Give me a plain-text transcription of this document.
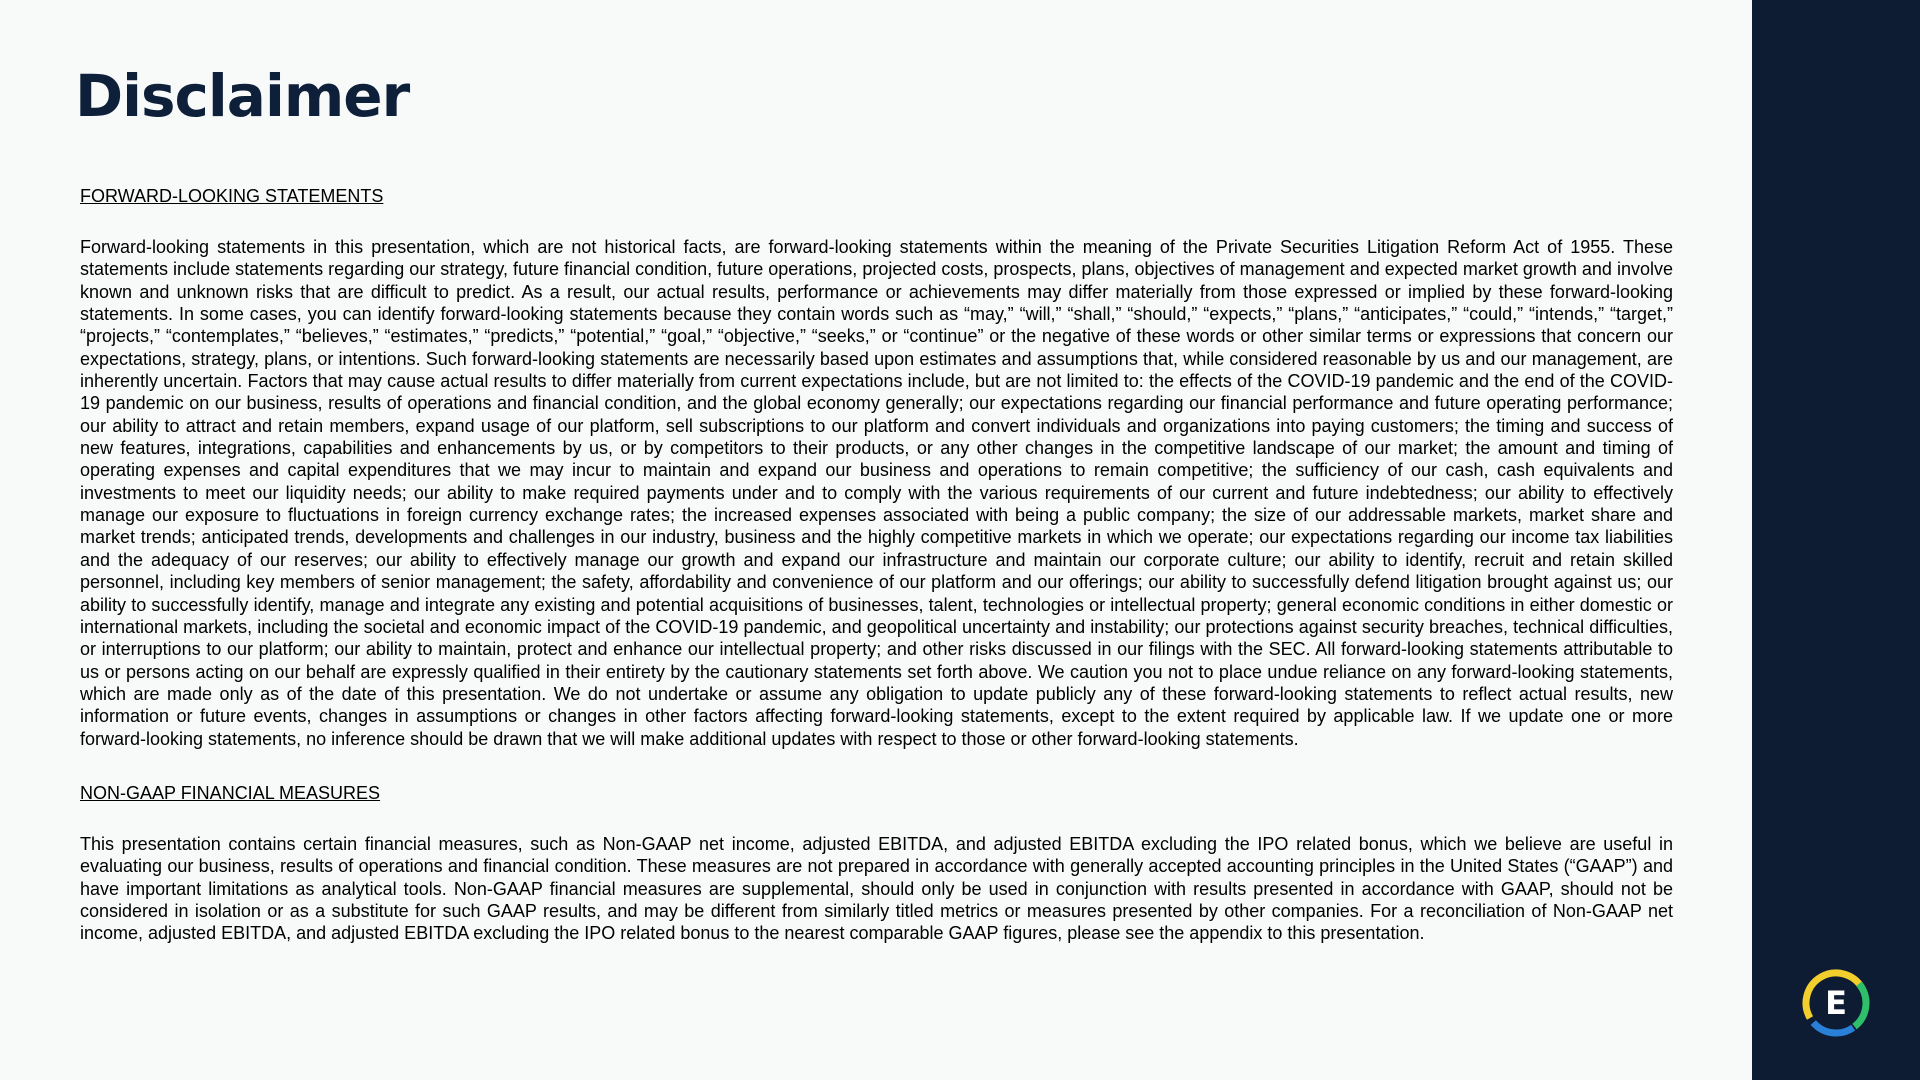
Disclaimer
FORWARD-LOOKING STATEMENTS

Forward-looking statements in this presentation, which are not historical facts, are forward-looking statements within the meaning of the Private Securities Litigation Reform Act of 1955. These statements include statements regarding our strategy, future financial condition, future operations, projected costs, prospects, plans, objectives of management and expected market growth and involve known and unknown risks that are difficult to predict. As a result, our actual results, performance or achievements may differ materially from those expressed or implied by these forward-looking statements. In some cases, you can identify forward-looking statements because they contain words such as “may,” “will,” “shall,” “should,” “expects,” “plans,” “anticipates,” “could,” “intends,” “target,” “projects,” “contemplates,” “believes,” “estimates,” “predicts,” “potential,” “goal,” “objective,” “seeks,” or “continue” or the negative of these words or other similar terms or expressions that concern our expectations, strategy, plans, or intentions. Such forward-looking statements are necessarily based upon estimates and assumptions that, while considered reasonable by us and our management, are inherently uncertain. Factors that may cause actual results to differ materially from current expectations include, but are not limited to: the effects of the COVID-19 pandemic and the end of the COVID-19 pandemic on our business, results of operations and financial condition, and the global economy generally; our expectations regarding our financial performance and future operating performance; our ability to attract and retain members, expand usage of our platform, sell subscriptions to our platform and convert individuals and organizations into paying customers; the timing and success of new features, integrations, capabilities and enhancements by us, or by competitors to their products, or any other changes in the competitive landscape of our market; the amount and timing of operating expenses and capital expenditures that we may incur to maintain and expand our business and operations to remain competitive; the sufficiency of our cash, cash equivalents and investments to meet our liquidity needs; our ability to make required payments under and to comply with the various requirements of our current and future indebtedness; our ability to effectively manage our exposure to fluctuations in foreign currency exchange rates; the increased expenses associated with being a public company; the size of our addressable markets, market share and market trends; anticipated trends, developments and challenges in our industry, business and the highly competitive markets in which we operate; our expectations regarding our income tax liabilities and the adequacy of our reserves; our ability to effectively manage our growth and expand our infrastructure and maintain our corporate culture; our ability to identify, recruit and retain skilled personnel, including key members of senior management; the safety, affordability and convenience of our platform and our offerings; our ability to successfully defend litigation brought against us; our ability to successfully identify, manage and integrate any existing and potential acquisitions of businesses, talent, technologies or intellectual property; general economic conditions in either domestic or international markets, including the societal and economic impact of the COVID-19 pandemic, and geopolitical uncertainty and instability; our protections against security breaches, technical difficulties, or interruptions to our platform; our ability to maintain, protect and enhance our intellectual property; and other risks discussed in our filings with the SEC. All forward-looking statements attributable to us or persons acting on our behalf are expressly qualified in their entirety by the cautionary statements set forth above. We caution you not to place undue reliance on any forward-looking statements, which are made only as of the date of this presentation. We do not undertake or assume any obligation to update publicly any of these forward-looking statements to reflect actual results, new information or future events, changes in assumptions or changes in other factors affecting forward-looking statements, except to the extent required by applicable law. If we update one or more forward-looking statements, no inference should be drawn that we will make additional updates with respect to those or other forward-looking statements.

NON-GAAP FINANCIAL MEASURES

This presentation contains certain financial measures, such as Non-GAAP net income, adjusted EBITDA, and adjusted EBITDA excluding the IPO related bonus, which we believe are useful in evaluating our business, results of operations and financial condition. These measures are not prepared in accordance with generally accepted accounting principles in the United States (“GAAP”) and have important limitations as analytical tools. Non-GAAP financial measures are supplemental, should only be used in conjunction with results presented in accordance with GAAP, should not be considered in isolation or as a substitute for such GAAP results, and may be different from similarly titled metrics or measures presented by other companies. For a reconciliation of Non-GAAP net income, adjusted EBITDA, and adjusted EBITDA excluding the IPO related bonus to the nearest comparable GAAP figures, please see the appendix to this presentation.

E
